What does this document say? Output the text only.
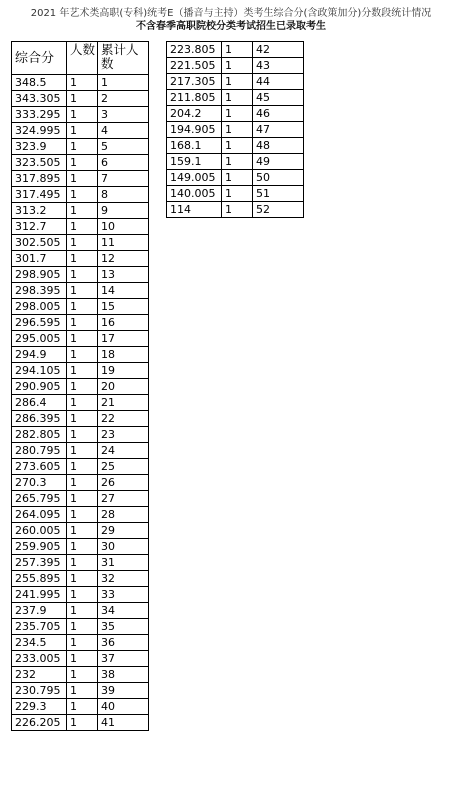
2021 年艺术类高职(专科)统考E（播音与主持）类考生综合分(含政策加分)分数段统计情况
不含春季高职院校分类考试招生已录取考生
综合分	人数	累计人数
348.5	1	1
343.305	1	2
333.295	1	3
324.995	1	4
323.9	1	5
323.505	1	6
317.895	1	7
317.495	1	8
313.2	1	9
312.7	1	10
302.505	1	11
301.7	1	12
298.905	1	13
298.395	1	14
298.005	1	15
296.595	1	16
295.005	1	17
294.9	1	18
294.105	1	19
290.905	1	20
286.4	1	21
286.395	1	22
282.805	1	23
280.795	1	24
273.605	1	25
270.3	1	26
265.795	1	27
264.095	1	28
260.005	1	29
259.905	1	30
257.395	1	31
255.895	1	32
241.995	1	33
237.9	1	34
235.705	1	35
234.5	1	36
233.005	1	37
232	1	38
230.795	1	39
229.3	1	40
226.205	1	41
223.805	1	42
221.505	1	43
217.305	1	44
211.805	1	45
204.2	1	46
194.905	1	47
168.1	1	48
159.1	1	49
149.005	1	50
140.005	1	51
114	1	52
